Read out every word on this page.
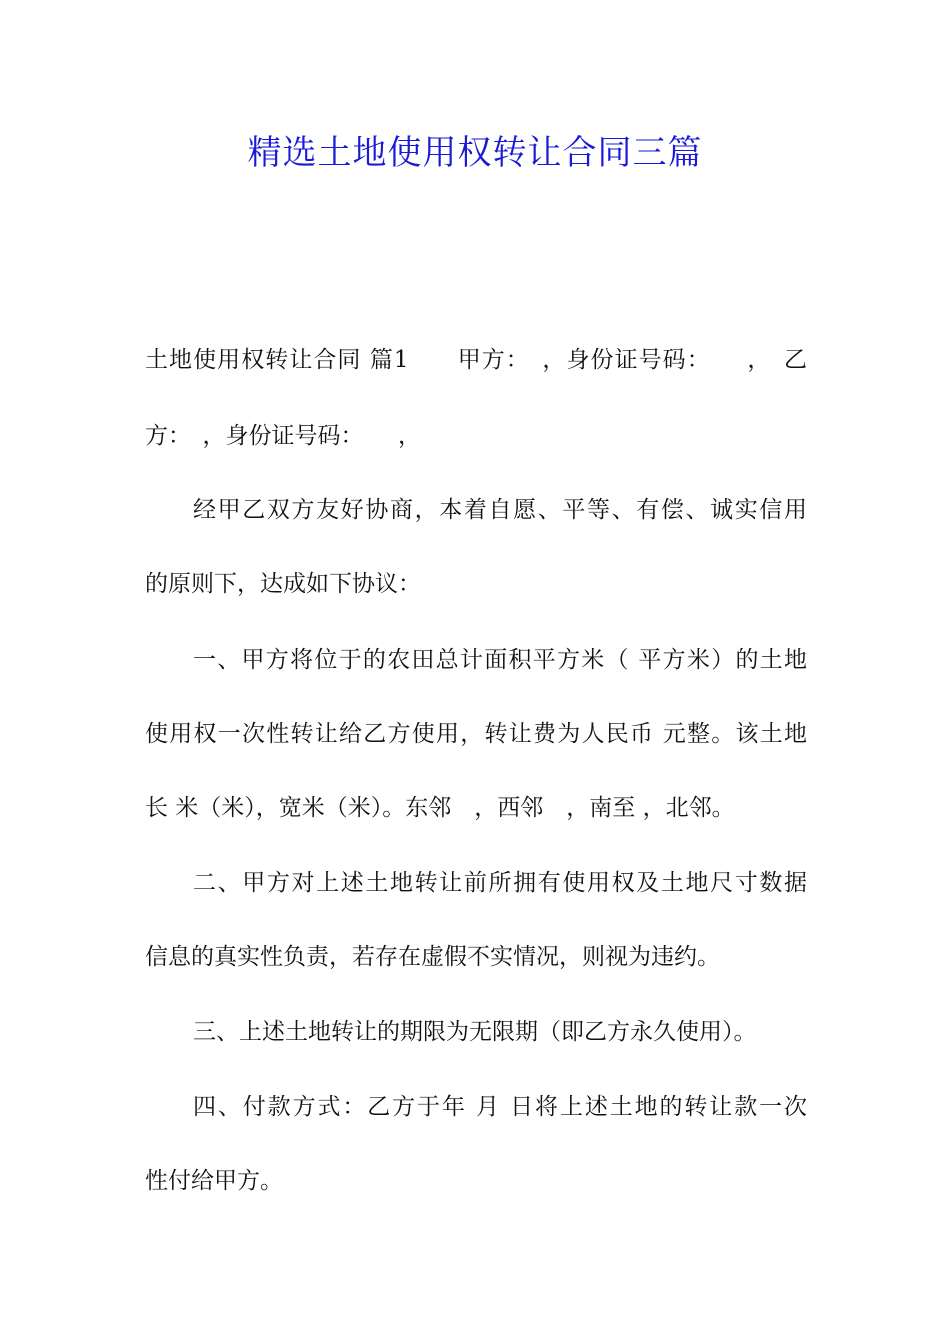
精选土地使用权转让合同三篇

土地使用权转让合同 篇1　　甲方：　，身份证号码：　　，　乙

方：　，身份证号码：　　，

经甲乙双方友好协商，本着自愿、平等、有偿、诚实信用

的原则下，达成如下协议：

一、甲方将位于的农田总计面积平方米（ 平方米）的土地

使用权一次性转让给乙方使用，转让费为人民币 元整。该土地

长 米（米），宽米（米）。东邻　，西邻　，南至 ，北邻。

二、甲方对上述土地转让前所拥有使用权及土地尺寸数据

信息的真实性负责，若存在虚假不实情况，则视为违约。

三、上述土地转让的期限为无限期（即乙方永久使用）。

四、付款方式：乙方于年 月 日将上述土地的转让款一次

性付给甲方。
